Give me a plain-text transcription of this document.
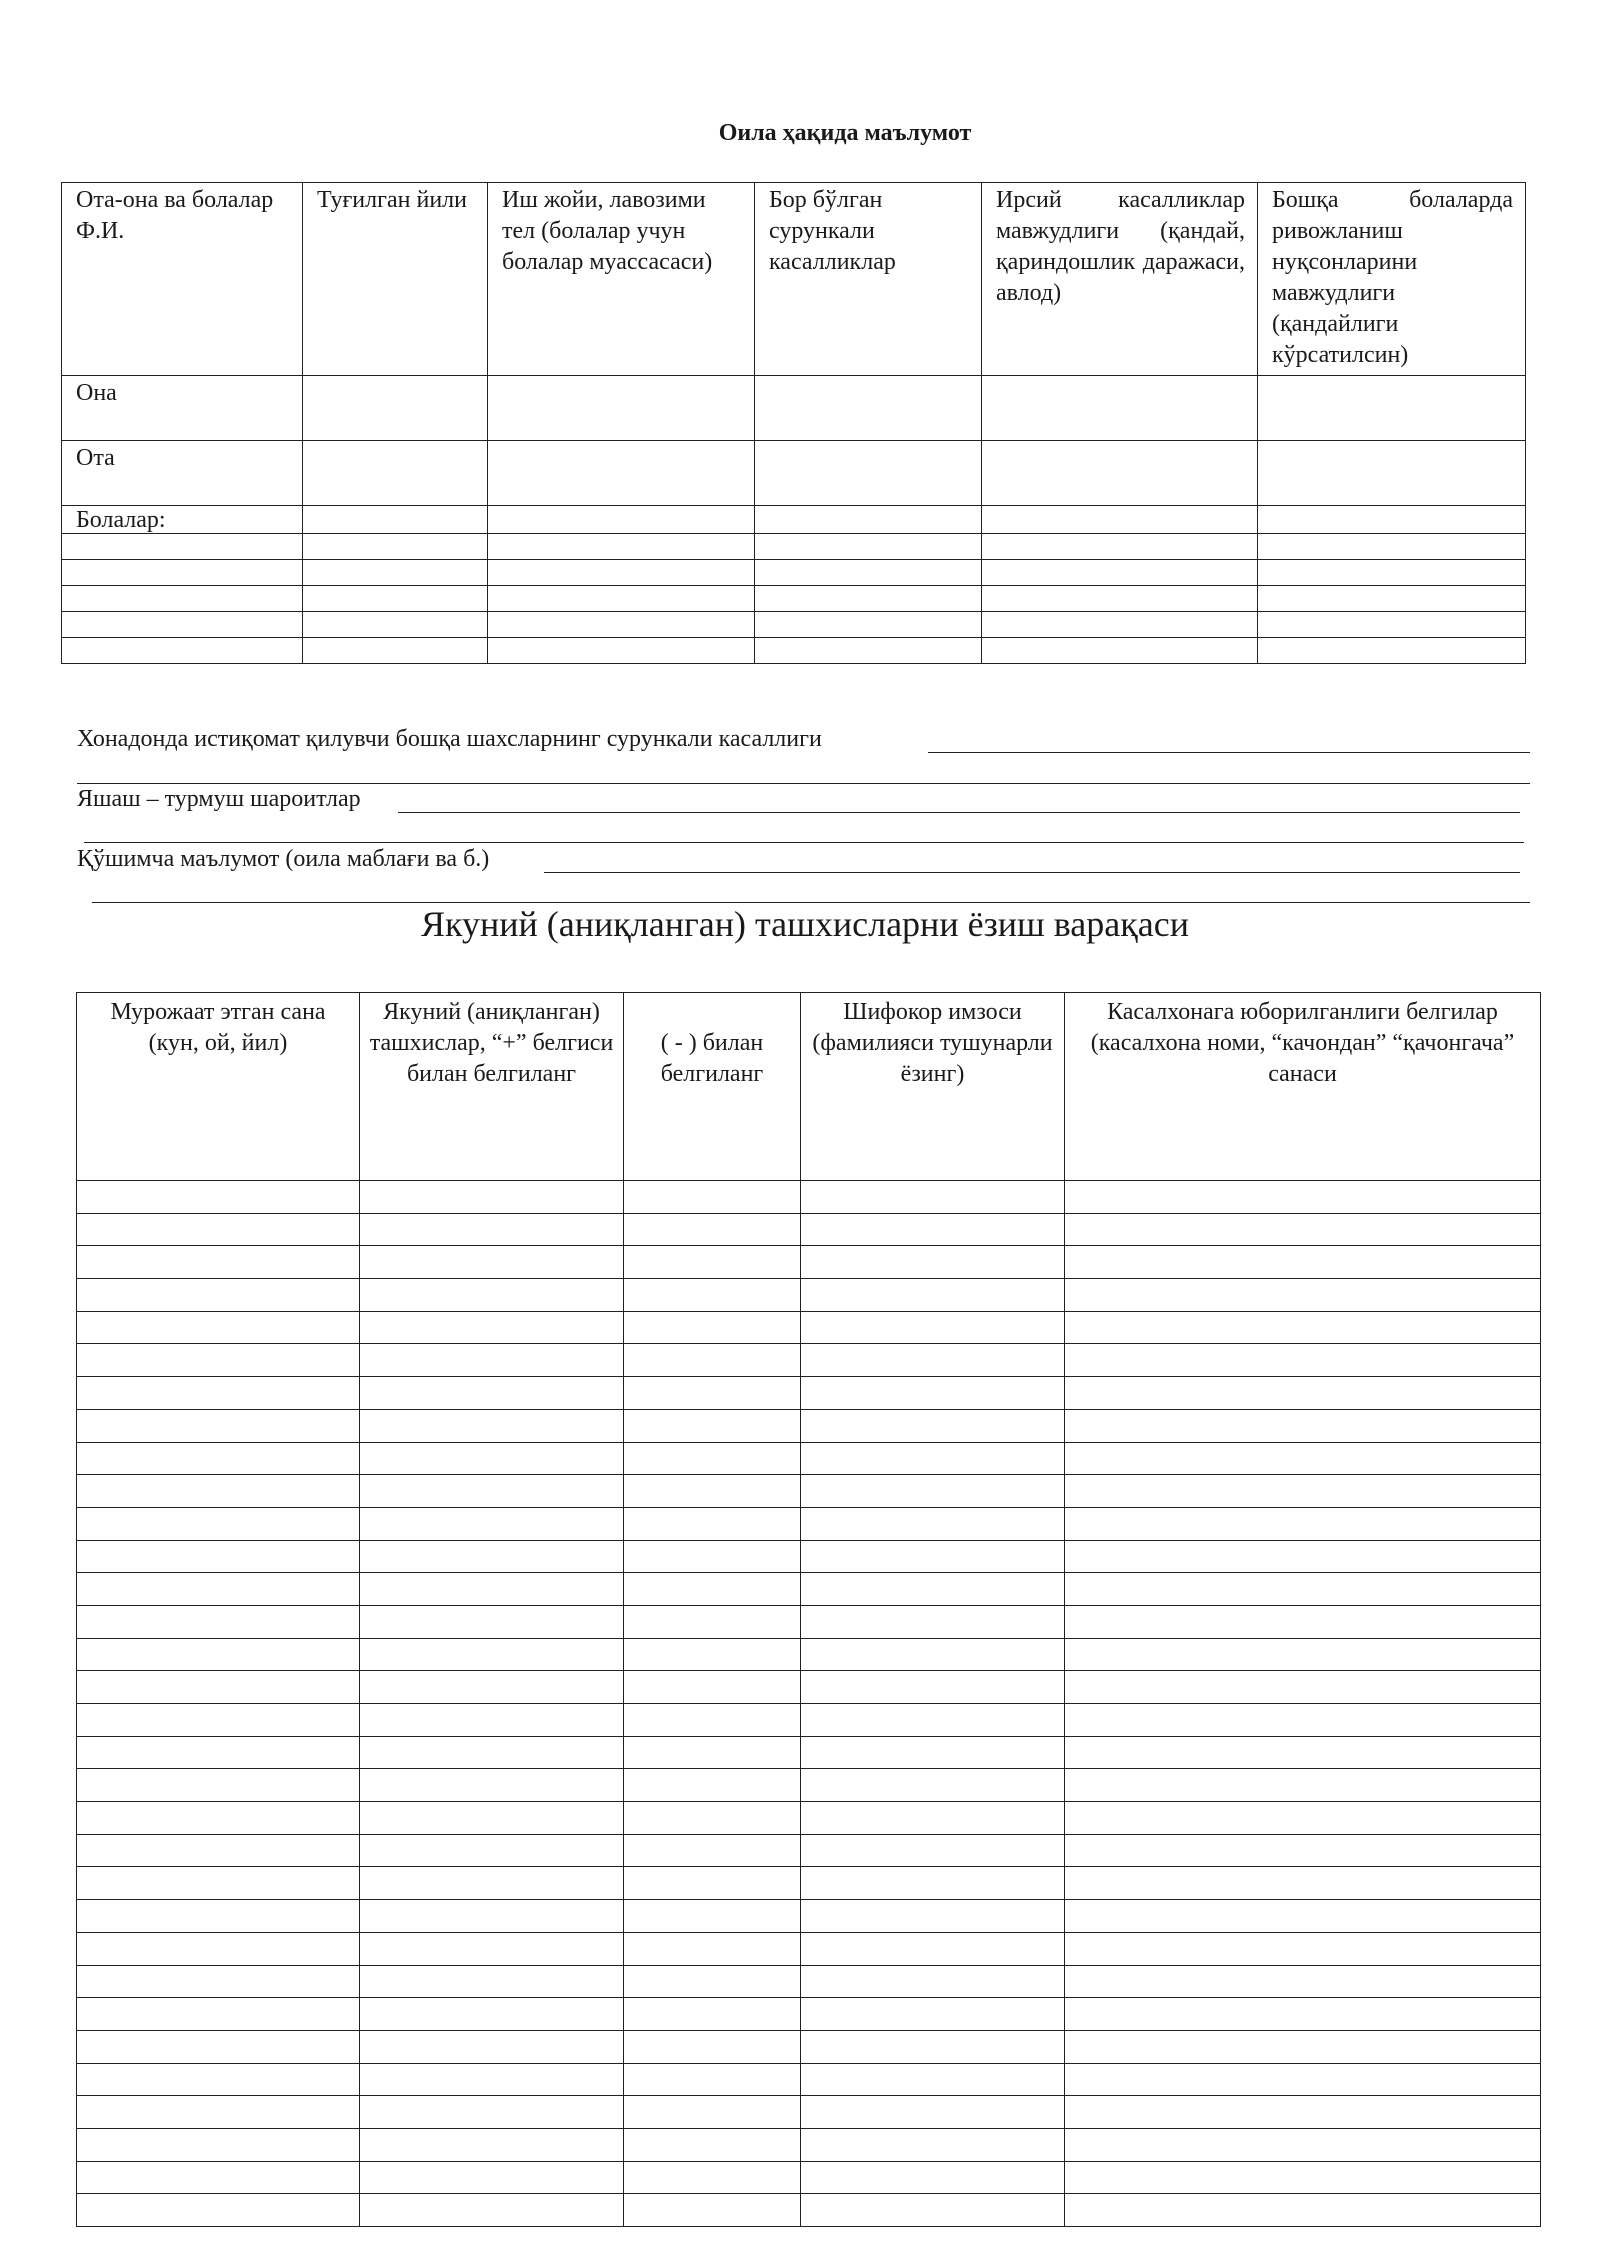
Оила ҳақида маълумот
Ота-она ва болалар Ф.И.	Туғилган йили	Иш жойи, лавозими тел (болалар учун болалар муассасаси)	Бор бўлган сурункали касалликлар	Ирсий касалликлар мавжудлиги (қандай, қариндошлик даражаси, авлод)	Бошқа болаларда ривожланиш нуқсонларини мавжудлиги (қандайлиги кўрсатилсин)
Она					
Ота					
Болалар:					

Хонадонда истиқомат қилувчи бошқа шахсларнинг сурункали касаллиги
Яшаш – турмуш шароитлар
Қўшимча маълумот (оила маблағи ва б.)
Якуний (аниқланган) ташхисларни ёзиш варақаси
Мурожаат этган сана (кун, ой, йил)	Якуний (аниқланган) ташхислар, “+” белгиси билан белгиланг	( - ) билан белгиланг	Шифокор имзоси (фамилияси тушунарли ёзинг)	Касалхонага юборилганлиги белгилар (касалхона номи, “качондан” “қачонгача” санаси
